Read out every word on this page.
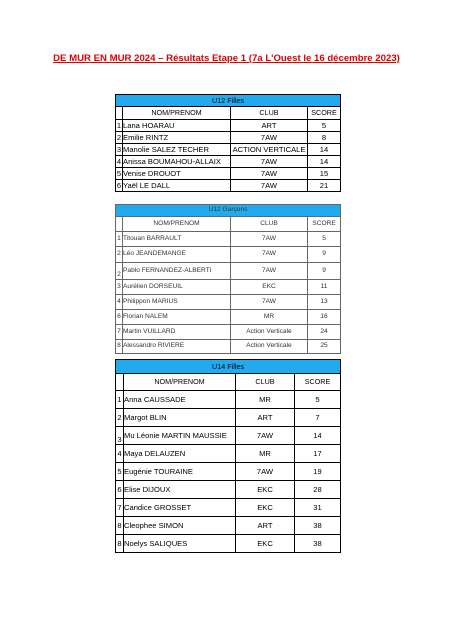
DE MUR EN MUR 2024 – Résultats Etape 1 (7a L'Ouest le 16 décembre 2023)
U12 Filles			
	NOM/PRENOM	CLUB	SCORE
1	Lana HOARAU	ART	5
2	Emilie RINTZ	7AW	8
3	Manolie SALEZ TECHER	ACTION VERTICALE	14
4	Anissa BOUMAHOU-ALLAIX	7AW	14
5	Venise DROUOT	7AW	15
6	Yaël LE DALL	7AW	21
U12 Garçons			
	NOM/PRENOM	CLUB	SCORE
1	Titouan BARRAULT	7AW	5
2	Léo JEANDEMANGE	7AW	9
2	Pablo FERNANDEZ-ALBERTI	7AW	9
3	Aurélien DORSEUIL	EKC	11
4	Philippon MARIUS	7AW	13
6	Florian NALEM	MR	16
7	Martin VUILLARD	Action Verticale	24
8	Alessandro RIVIERE	Action Verticale	25
U14 Filles			
	NOM/PRENOM	CLUB	SCORE
1	Anna CAUSSADE	MR	5
2	Margot BLIN	ART	7
3	Mu Léonie MARTIN MAUSSIE	7AW	14
4	Maya DELAUZEN	MR	17
5	Eugénie TOURAINE	7AW	19
6	Elise DIJOUX	EKC	28
7	Candice GROSSET	EKC	31
8	Cleophee SIMON	ART	38
8	Noelys SALIQUES	EKC	38
